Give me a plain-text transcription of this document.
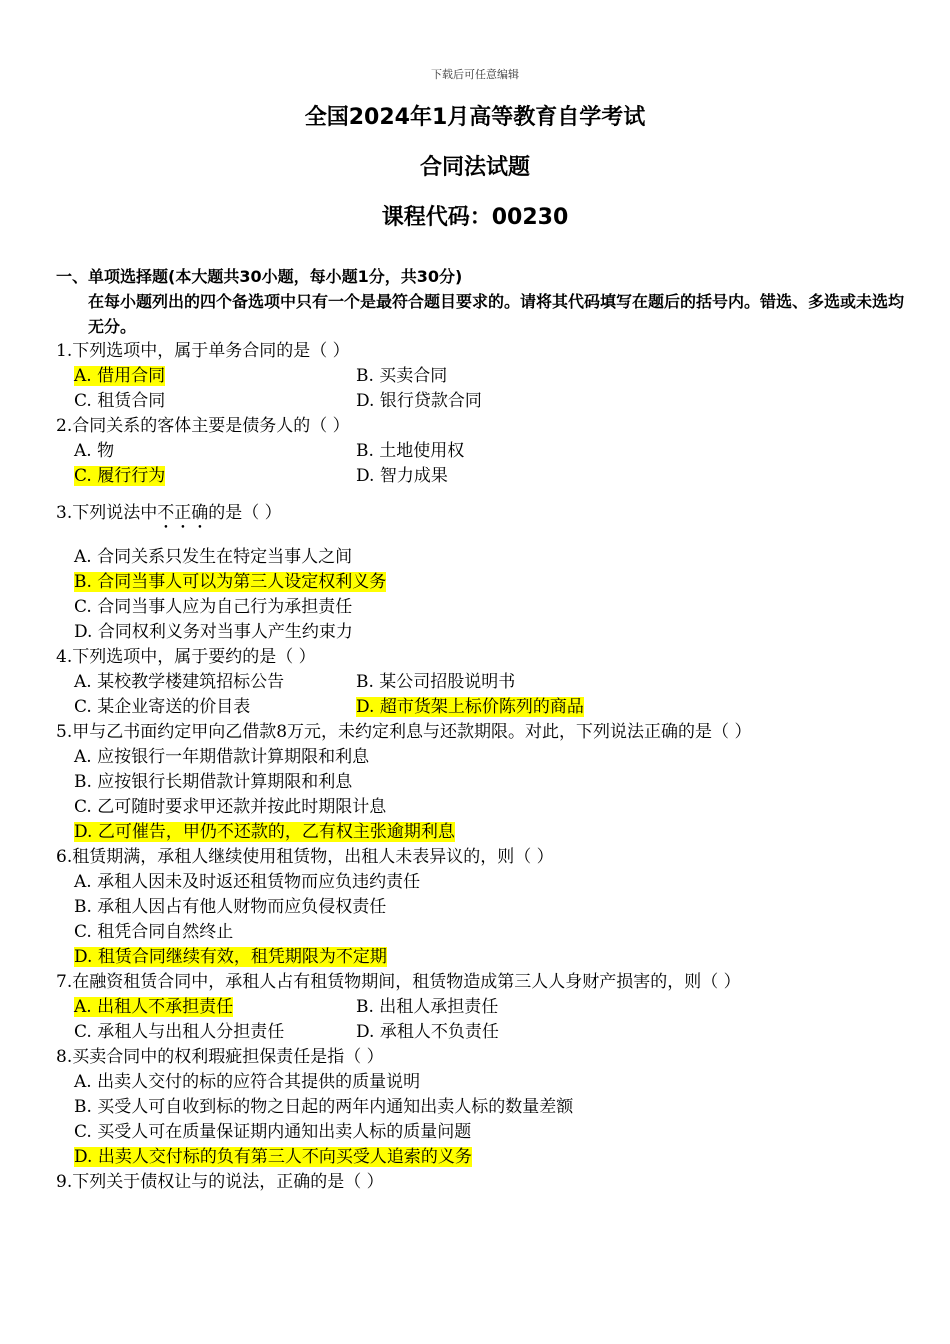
下载后可任意编辑
全国2024年1月高等教育自学考试
合同法试题
课程代码：00230
一、单项选择题(本大题共30小题，每小题1分，共30分)
在每小题列出的四个备选项中只有一个是最符合题目要求的。请将其代码填写在题后的括号内。错选、多选或未选均无分。
1.下列选项中，属于单务合同的是（ ）
A. 借用合同	B. 买卖合同
C. 租赁合同	D. 银行贷款合同
2.合同关系的客体主要是债务人的（ ）
A. 物	B. 土地使用权
C. 履行行为	D. 智力成果
3.下列说法中不正确的是（ ）
A. 合同关系只发生在特定当事人之间
B. 合同当事人可以为第三人设定权利义务
C. 合同当事人应为自己行为承担责任
D. 合同权利义务对当事人产生约束力
4.下列选项中，属于要约的是（ ）
A. 某校教学楼建筑招标公告	B. 某公司招股说明书
C. 某企业寄送的价目表	D. 超市货架上标价陈列的商品
5.甲与乙书面约定甲向乙借款8万元，未约定利息与还款期限。对此，下列说法正确的是（ ）
A. 应按银行一年期借款计算期限和利息
B. 应按银行长期借款计算期限和利息
C. 乙可随时要求甲还款并按此时期限计息
D. 乙可催告，甲仍不还款的，乙有权主张逾期利息
6.租赁期满，承租人继续使用租赁物，出租人未表异议的，则（ ）
A. 承租人因未及时返还租赁物而应负违约责任
B. 承租人因占有他人财物而应负侵权责任
C. 租凭合同自然终止
D. 租赁合同继续有效，租凭期限为不定期
7.在融资租赁合同中，承租人占有租赁物期间，租赁物造成第三人人身财产损害的，则（ ）
A. 出租人不承担责任	B. 出租人承担责任
C. 承租人与出租人分担责任	D. 承租人不负责任
8.买卖合同中的权利瑕疵担保责任是指（ ）
A. 出卖人交付的标的应符合其提供的质量说明
B. 买受人可自收到标的物之日起的两年内通知出卖人标的数量差额
C. 买受人可在质量保证期内通知出卖人标的质量问题
D. 出卖人交付标的负有第三人不向买受人追索的义务
9.下列关于债权让与的说法，正确的是（ ）
